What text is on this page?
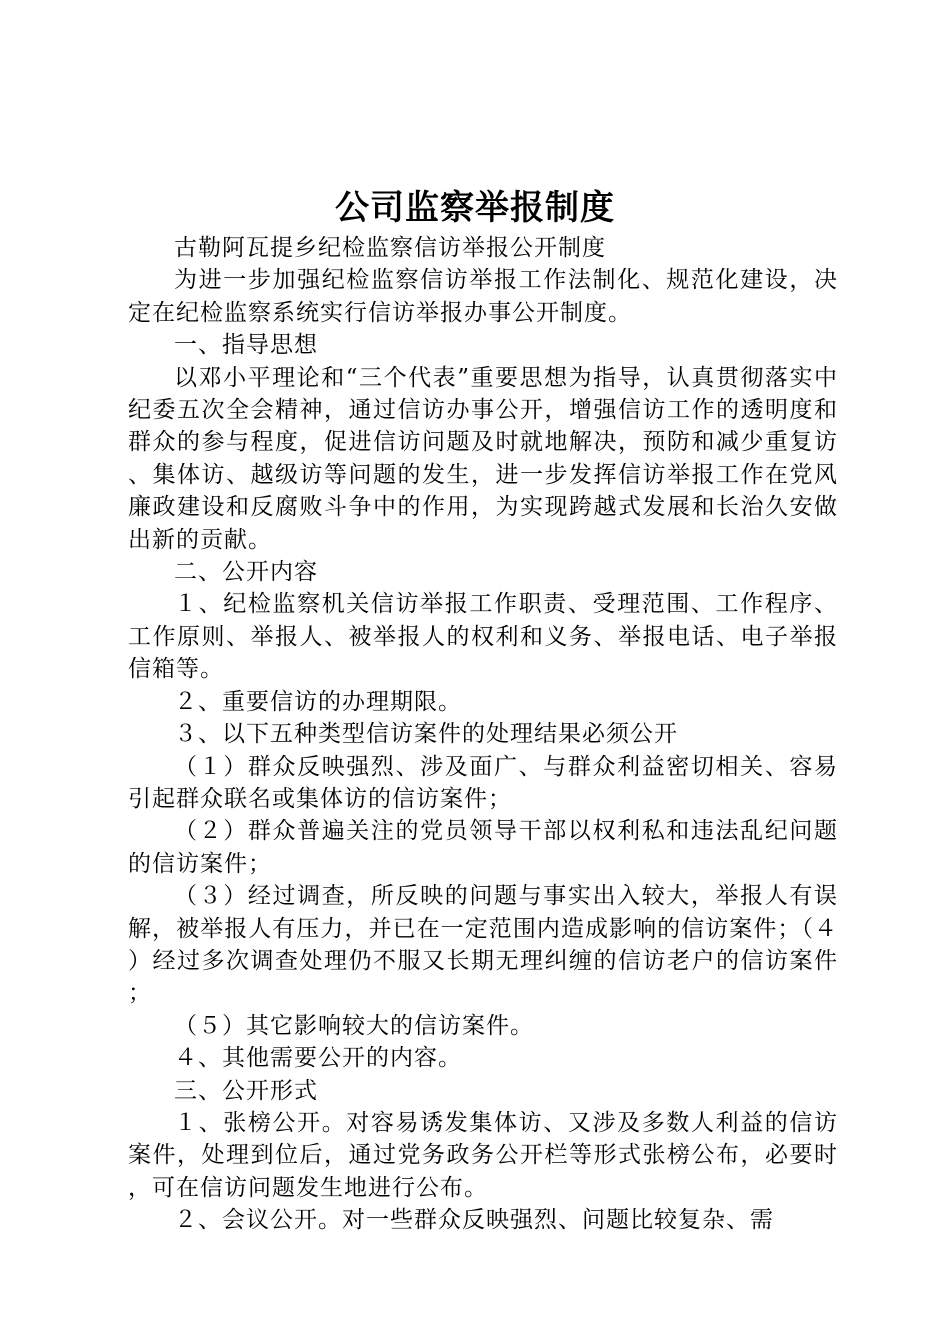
公司监察举报制度

古勒阿瓦提乡纪检监察信访举报公开制度

为进一步加强纪检监察信访举报工作法制化、规范化建设，决定在纪检监察系统实行信访举报办事公开制度。

一、指导思想

以邓小平理论和“三个代表”重要思想为指导，认真贯彻落实中纪委五次全会精神，通过信访办事公开，增强信访工作的透明度和群众的参与程度，促进信访问题及时就地解决，预防和减少重复访、集体访、越级访等问题的发生，进一步发挥信访举报工作在党风廉政建设和反腐败斗争中的作用，为实现跨越式发展和长治久安做出新的贡献。

二、公开内容

１、纪检监察机关信访举报工作职责、受理范围、工作程序、工作原则、举报人、被举报人的权利和义务、举报电话、电子举报信箱等。

２、重要信访的办理期限。

３、以下五种类型信访案件的处理结果必须公开

（１）群众反映强烈、涉及面广、与群众利益密切相关、容易引起群众联名或集体访的信访案件；

（２）群众普遍关注的党员领导干部以权利私和违法乱纪问题的信访案件；

（３）经过调查，所反映的问题与事实出入较大，举报人有误解，被举报人有压力，并已在一定范围内造成影响的信访案件；（４）经过多次调查处理仍不服又长期无理纠缠的信访老户的信访案件；

（５）其它影响较大的信访案件。

４、其他需要公开的内容。

三、公开形式

１、张榜公开。对容易诱发集体访、又涉及多数人利益的信访案件，处理到位后，通过党务政务公开栏等形式张榜公布，必要时，可在信访问题发生地进行公布。

２、会议公开。对一些群众反映强烈、问题比较复杂、需
